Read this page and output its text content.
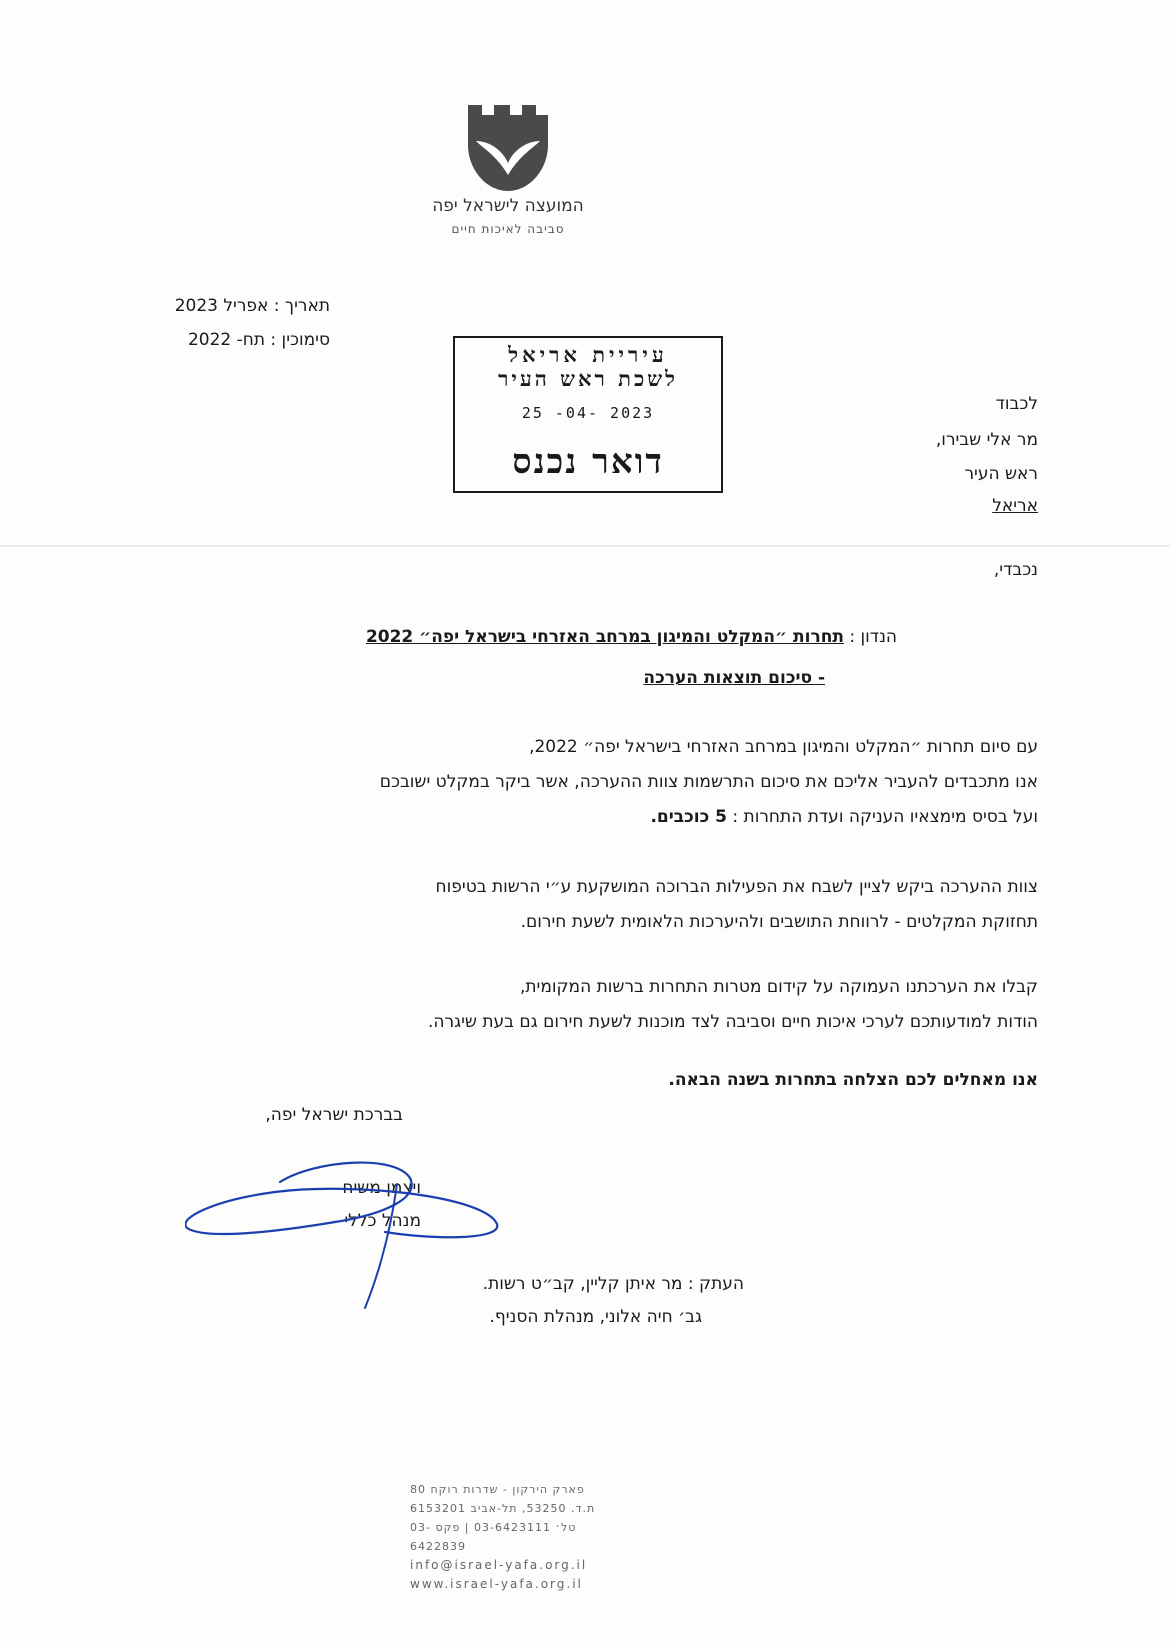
המועצה לישראל יפה
סביבה לאיכות חיים
תאריך : אפריל 2023
סימוכין : תח- 2022
עיריית אריאל
לשכת ראש העיר
25 -04- 2023
דואר נכנס
לכבוד
מר אלי שבירו,
ראש העיר
אריאל
נכבדי,
הנדון : תחרות ״המקלט והמיגון במרחב האזרחי בישראל יפה״ 2022
- סיכום תוצאות הערכה
עם סיום תחרות ״המקלט והמיגון במרחב האזרחי בישראל יפה״ 2022,
אנו מתכבדים להעביר אליכם את סיכום התרשמות צוות ההערכה, אשר ביקר במקלט ישובכם
ועל בסיס מימצאיו העניקה ועדת התחרות : 5 כוכבים.
צוות ההערכה ביקש לציין לשבח את הפעילות הברוכה המושקעת ע״י הרשות בטיפוח
תחזוקת המקלטים - לרווחת התושבים ולהיערכות הלאומית לשעת חירום.
קבלו את הערכתנו העמוקה על קידום מטרות התחרות ברשות המקומית,
הודות למודעותכם לערכי איכות חיים וסביבה לצד מוכנות לשעת חירום גם בעת שיגרה.
אנו מאחלים לכם הצלחה בתחרות בשנה הבאה.
בברכת ישראל יפה,
ויצמן משיח
מנהל כללי
העתק : מר איתן קליין, קב״ט רשות.
גב׳ חיה אלוני, מנהלת הסניף.
פארק הירקון - שדרות רוקח 80
ת.ד. 53250, תל-אביב 6153201
טל׳ 03-6423111 | פקס 03-6422839
info@israel-yafa.org.il
www.israel-yafa.org.il
